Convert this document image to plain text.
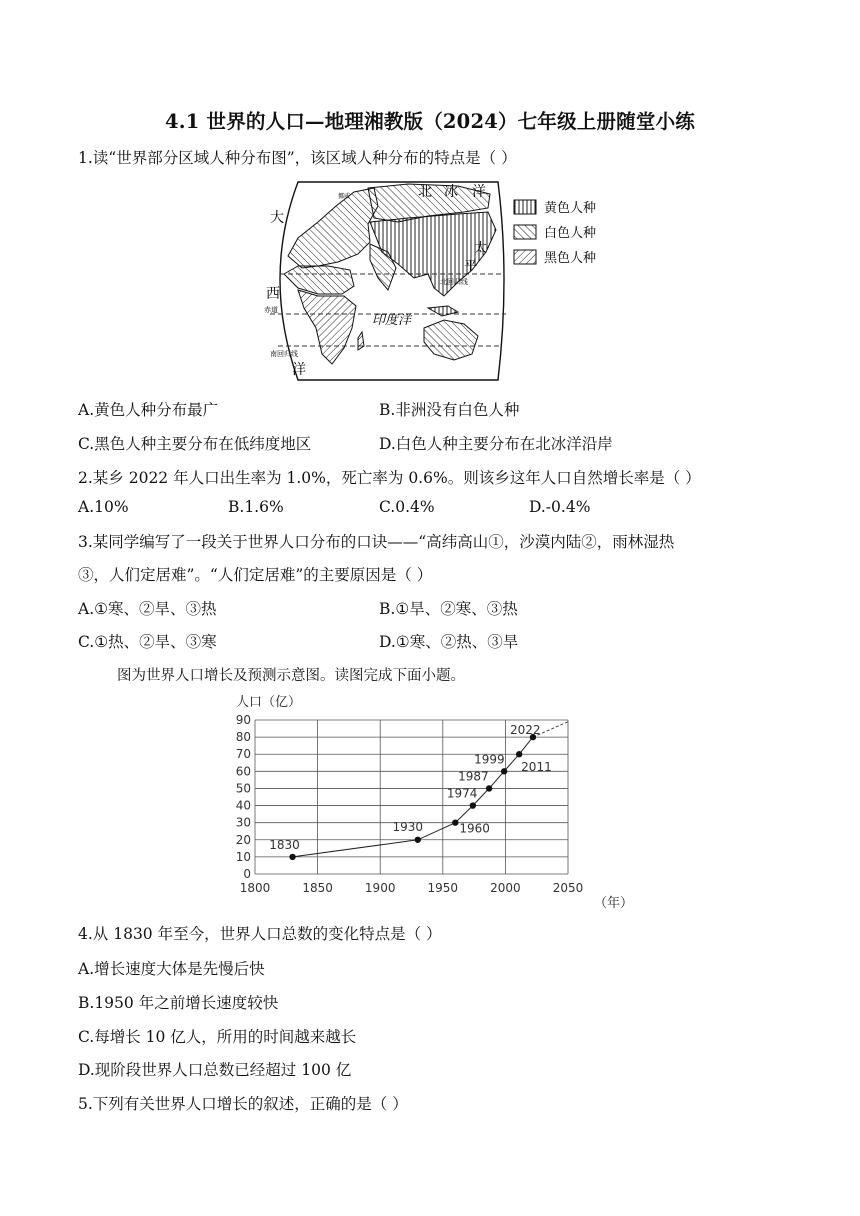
4.1 世界的人口—地理湘教版（2024）七年级上册随堂小练
1.读“世界部分区域人种分布图”，该区域人种分布的特点是（ ）
挪威	北 冰 洋
大
西
洋
太
平
印度洋
北回归线
赤道
南回归线
黄色人种
白色人种
黑色人种
A.黄色人种分布最广	B.非洲没有白色人种
C.黑色人种主要分布在低纬度地区	D.白色人种主要分布在北冰洋沿岸
2.某乡 2022 年人口出生率为 1.0%，死亡率为 0.6%。则该乡这年人口自然增长率是（ ）
A.10%	B.1.6%	C.0.4%	D.-0.4%
3.某同学编写了一段关于世界人口分布的口诀——“高纬高山①，沙漠内陆②，雨林湿热
③，人们定居难”。“人们定居难”的主要原因是（ ）
A.①寒、②旱、③热	B.①旱、②寒、③热
C.①热、②旱、③寒	D.①寒、②热、③旱
图为世界人口增长及预测示意图。读图完成下面小题。
人口（亿）
（年）
0
10
20
30
40
50
60
70
80
90
1800	1850	1900	1950	2000	2050
1830
1930	1960
1974
1987
1999
2011
2022
4.从 1830 年至今，世界人口总数的变化特点是（ ）
A.增长速度大体是先慢后快
B.1950 年之前增长速度较快
C.每增长 10 亿人，所用的时间越来越长
D.现阶段世界人口总数已经超过 100 亿
5.下列有关世界人口增长的叙述，正确的是（ ）
